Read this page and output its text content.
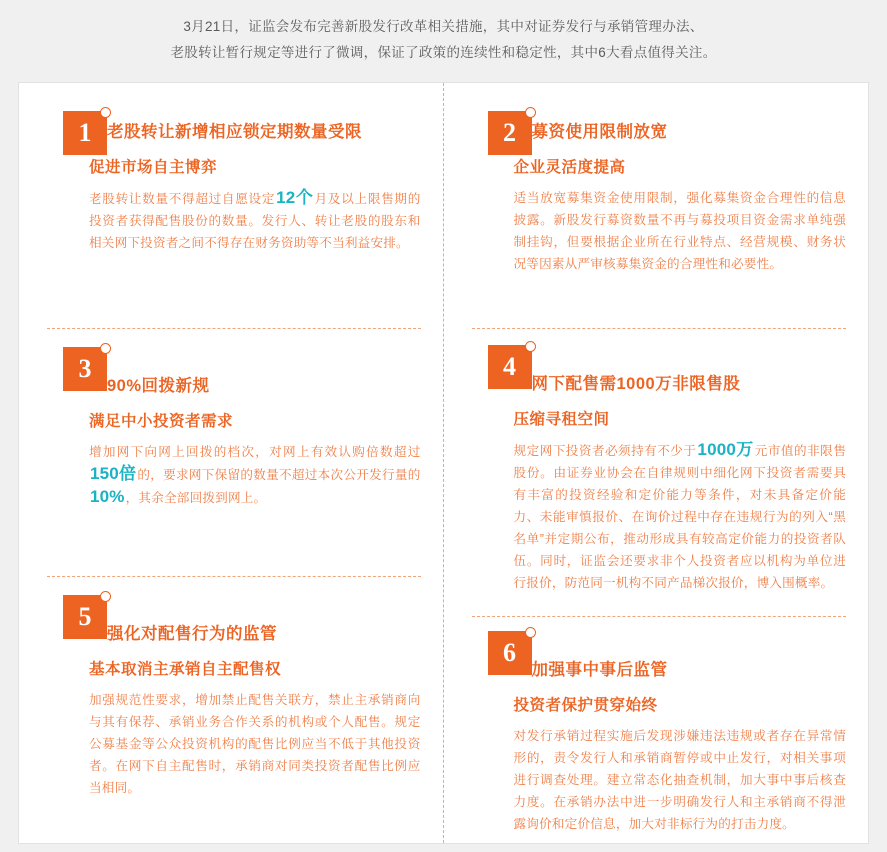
3月21日，证监会发布完善新股发行改革相关措施，其中对证券发行与承销管理办法、
老股转让暂行规定等进行了微调，保证了政策的连续性和稳定性，其中6大看点值得关注。
1 老股转让新增相应锁定期数量受限
促进市场自主博弈
老股转让数量不得超过自愿设定12个月及以上限售期的投资者获得配售股份的数量。发行人、转让老股的股东和相关网下投资者之间不得存在财务资助等不当利益安排。
3
90%回拨新规
满足中小投资者需求
增加网下向网上回拨的档次，对网上有效认购倍数超过150倍的，要求网下保留的数量不超过本次公开发行量的10%，其余全部回拨到网上。
5
强化对配售行为的监管
基本取消主承销自主配售权
加强规范性要求，增加禁止配售关联方，禁止主承销商向与其有保荐、承销业务合作关系的机构或个人配售。规定公募基金等公众投资机构的配售比例应当不低于其他投资者。在网下自主配售时，承销商对同类投资者配售比例应当相同。
2 募资使用限制放宽
企业灵活度提高
适当放宽募集资金使用限制，强化募集资金合理性的信息披露。新股发行募资数量不再与募投项目资金需求单纯强制挂钩，但要根据企业所在行业特点、经营规模、财务状况等因素从严审核募集资金的合理性和必要性。
4
网下配售需1000万非限售股
压缩寻租空间
规定网下投资者必须持有不少于1000万元市值的非限售股份。由证券业协会在自律规则中细化网下投资者需要具有丰富的投资经验和定价能力等条件，对未具备定价能力、未能审慎报价、在询价过程中存在违规行为的列入“黑名单”并定期公布，推动形成具有较高定价能力的投资者队伍。同时，证监会还要求非个人投资者应以机构为单位进行报价，防范同一机构不同产品梯次报价，博入围概率。
6
加强事中事后监管
投资者保护贯穿始终
对发行承销过程实施后发现涉嫌违法违规或者存在异常情形的，责令发行人和承销商暂停或中止发行，对相关事项进行调查处理。建立常态化抽查机制，加大事中事后核查力度。在承销办法中进一步明确发行人和主承销商不得泄露询价和定价信息，加大对非标行为的打击力度。
